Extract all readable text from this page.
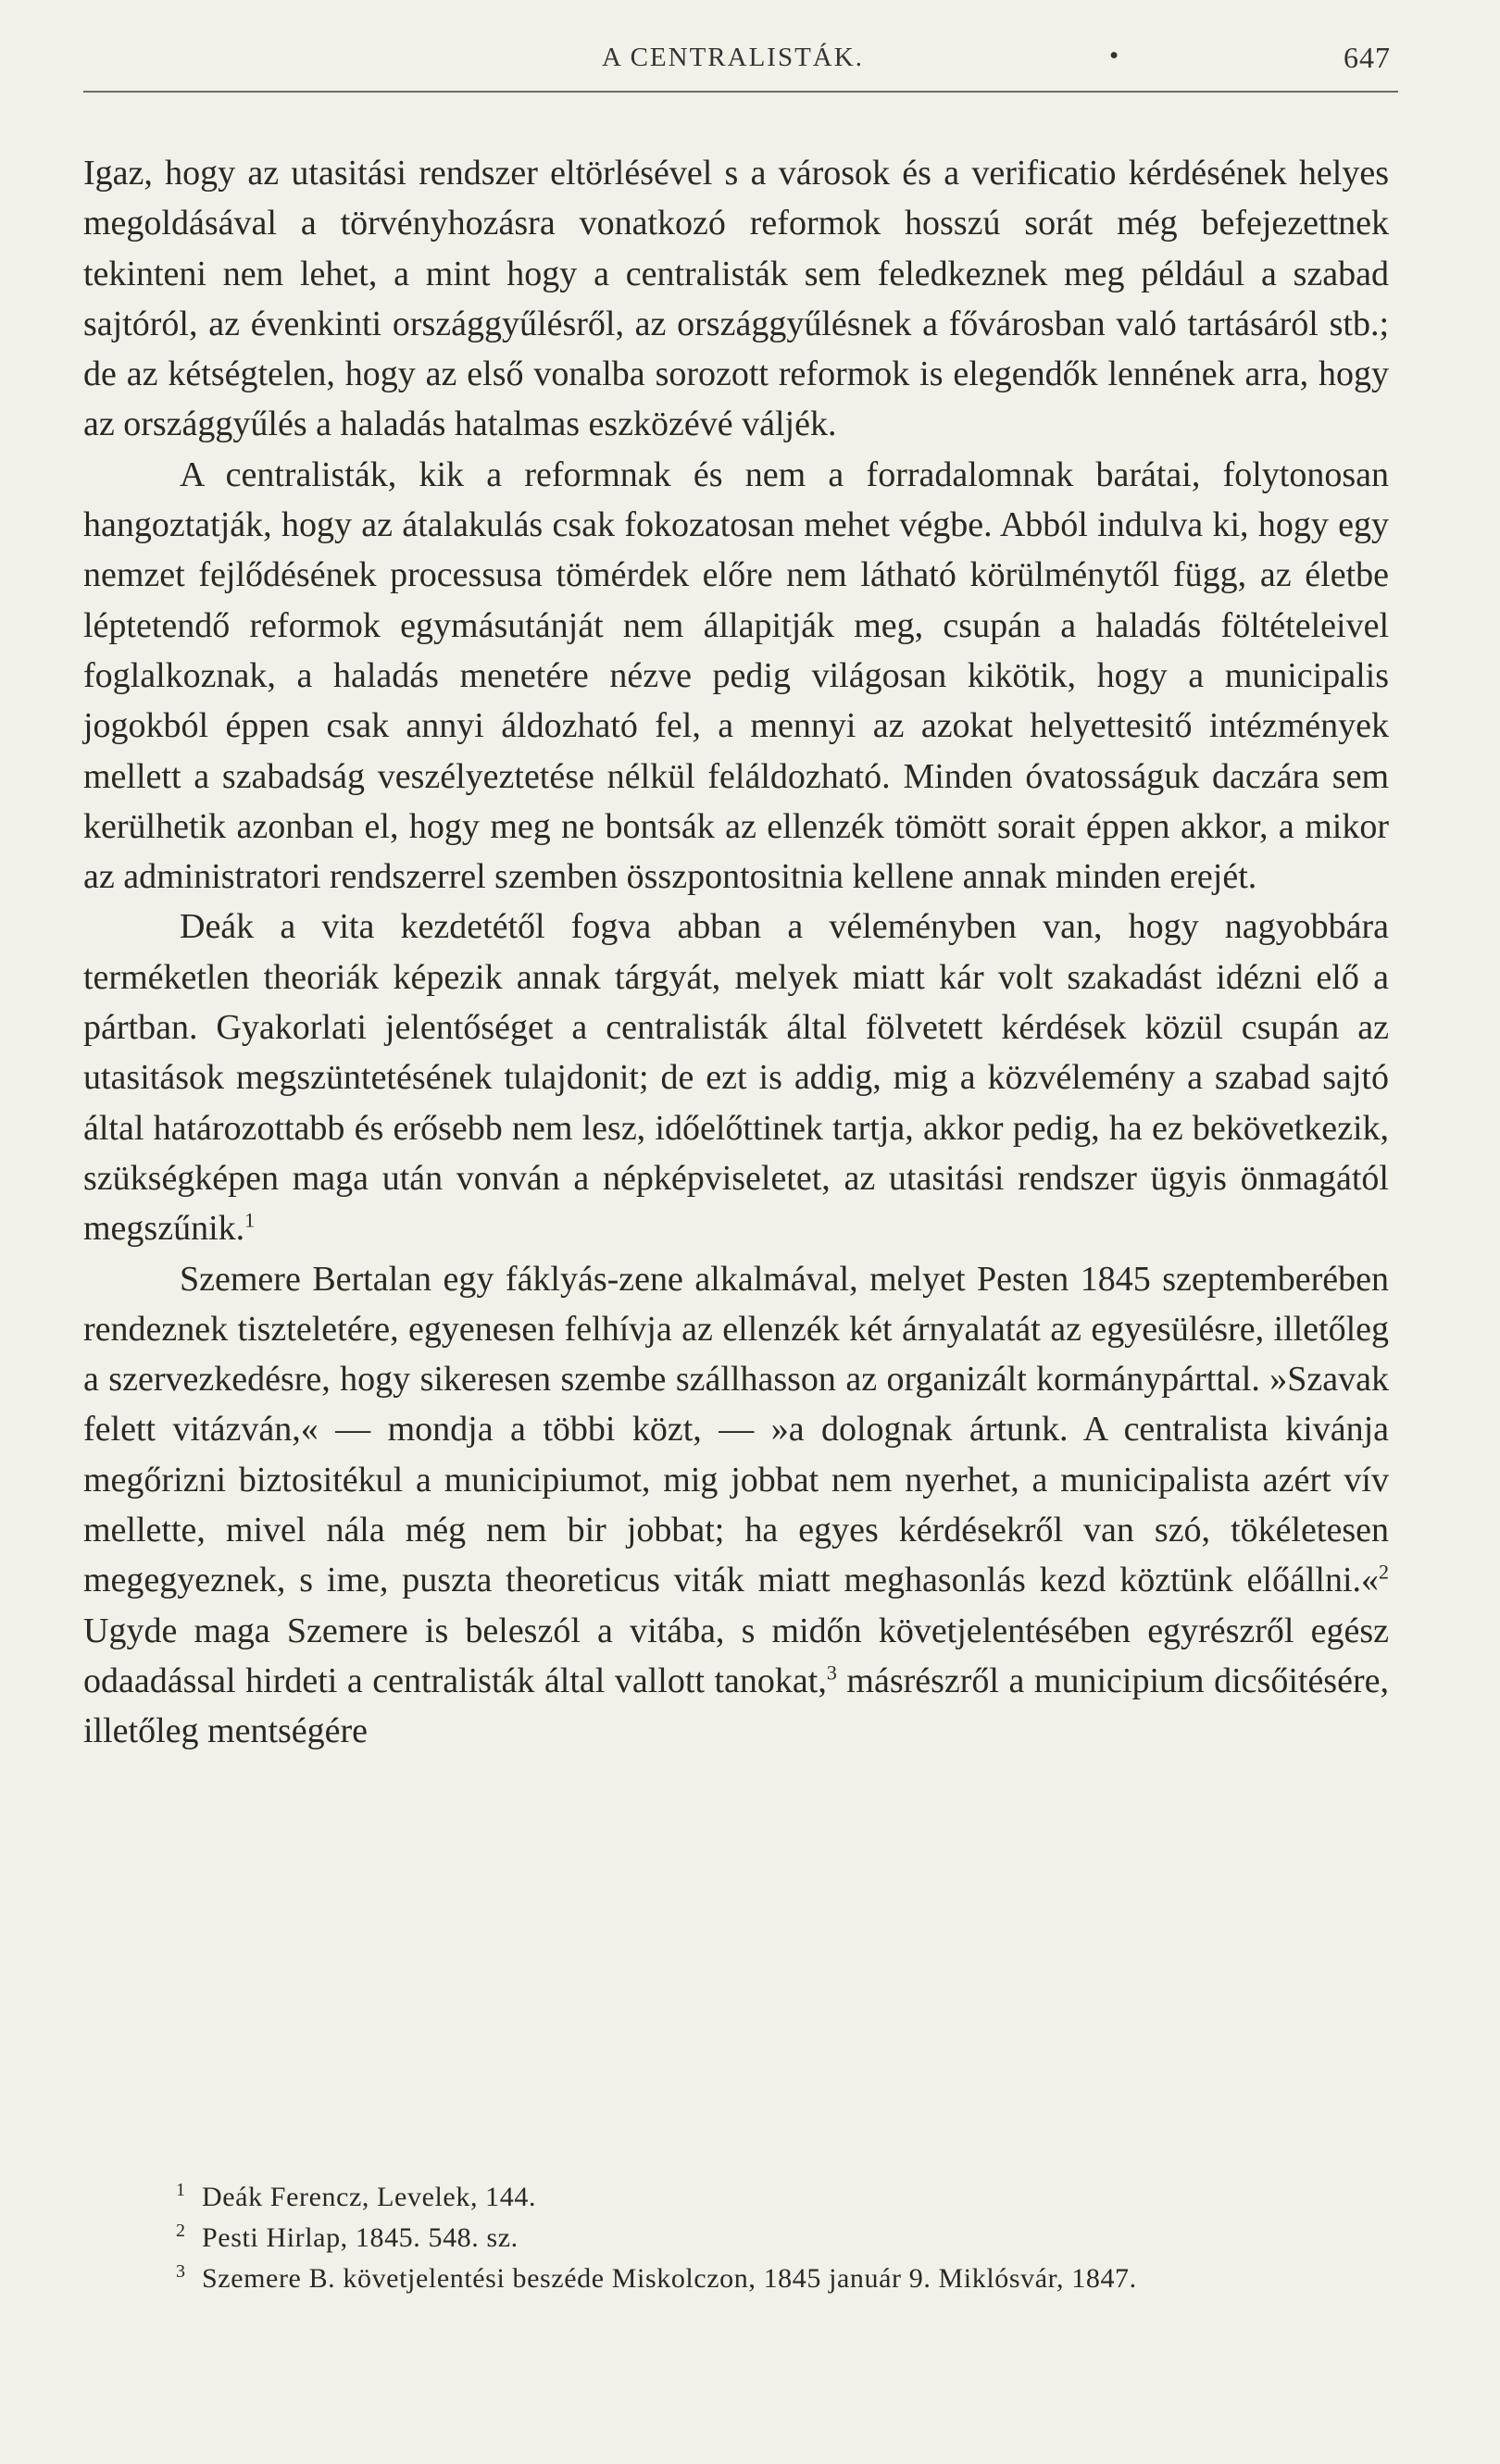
A CENTRALISTÁK.	•	647

Igaz, hogy az utasitási rendszer eltörlésével s a városok és a verificatio kérdésének helyes megoldásával a törvényhozásra vonatkozó reformok hosszú sorát még befejezettnek tekinteni nem lehet, a mint hogy a centralisták sem feledkeznek meg például a szabad sajtóról, az évenkinti országgyűlésről, az országgyűlésnek a fővárosban való tartásáról stb.; de az kétségtelen, hogy az első vonalba sorozott reformok is elegendők lennének arra, hogy az országgyűlés a haladás hatalmas eszközévé váljék.

A centralisták, kik a reformnak és nem a forradalomnak barátai, folytonosan hangoztatják, hogy az átalakulás csak fokozatosan mehet végbe. Abból indulva ki, hogy egy nemzet fejlődésének processusa tömérdek előre nem látható körülménytől függ, az életbe léptetendő reformok egymásutánját nem állapitják meg, csupán a haladás föltételeivel foglalkoznak, a haladás menetére nézve pedig világosan kikötik, hogy a municipalis jogokból éppen csak annyi áldozható fel, a mennyi az azokat helyettesitő intézmények mellett a szabadság veszélyeztetése nélkül feláldozható. Minden óvatosságuk daczára sem kerülhetik azonban el, hogy meg ne bontsák az ellenzék tömött sorait éppen akkor, a mikor az administratori rendszerrel szemben összpontositnia kellene annak minden erejét.

Deák a vita kezdetétől fogva abban a véleményben van, hogy nagyobbára terméketlen theoriák képezik annak tárgyát, melyek miatt kár volt szakadást idézni elő a pártban. Gyakorlati jelentőséget a centralisták által fölvetett kérdések közül csupán az utasitások megszüntetésének tulajdonit; de ezt is addig, mig a közvélemény a szabad sajtó által határozottabb és erősebb nem lesz, időelőttinek tartja, akkor pedig, ha ez bekövetkezik, szükségképen maga után vonván a népképviseletet, az utasitási rendszer ügyis önmagától megszűnik.$^1$

Szemere Bertalan egy fáklyás-zene alkalmával, melyet Pesten 1845 szeptemberében rendeznek tiszteletére, egyenesen felhívja az ellenzék két árnyalatát az egyesülésre, illetőleg a szervezkedésre, hogy sikeresen szembe szállhasson az organizált kormánypárttal. »Szavak felett vitázván,« — mondja a többi közt, — »a dolognak ártunk. A centralista kivánja megőrizni biztositékul a municipiumot, mig jobbat nem nyerhet, a municipalista azért vív mellette, mivel nála még nem bir jobbat; ha egyes kérdésekről van szó, tökéletesen megegyeznek, s ime, puszta theoreticus viták miatt meghasonlás kezd köztünk előállni.«$^2$ Ugyde maga Szemere is beleszól a vitába, s midőn követjelentésében egyrészről egész odaadással hirdeti a centralisták által vallott tanokat,$^3$ másrészről a municipium dicsőitésére, illetőleg mentségére

1 Deák Ferencz, Levelek, 144.
2 Pesti Hirlap, 1845. 548. sz.
3 Szemere B. követjelentési beszéde Miskolczon, 1845 január 9. Miklósvár, 1847.
